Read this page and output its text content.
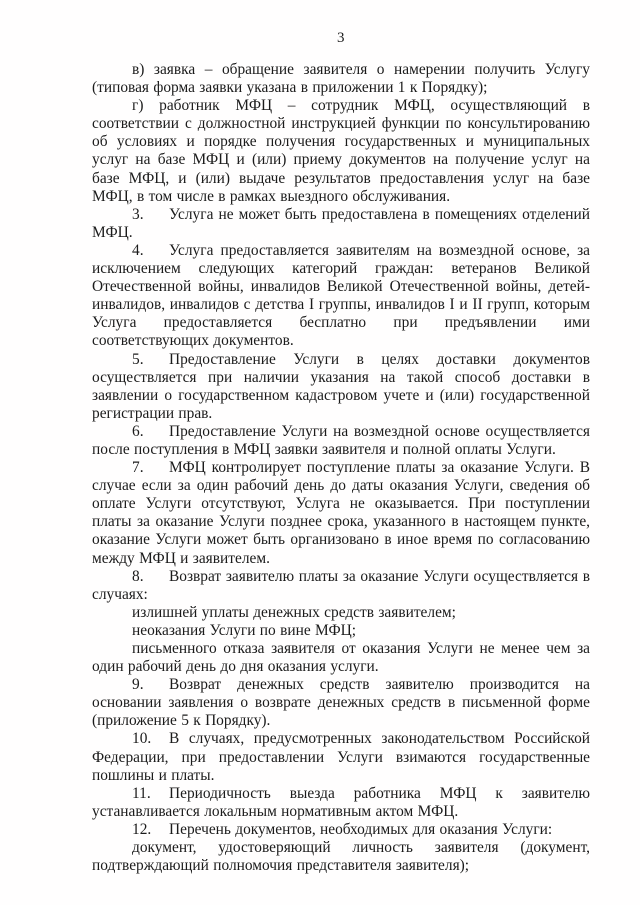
3

в) заявка – обращение заявителя о намерении получить Услугу (типовая форма заявки указана в приложении 1 к Порядку);

г) работник МФЦ – сотрудник МФЦ, осуществляющий в соответствии с должностной инструкцией функции по консультированию об условиях и порядке получения государственных и муниципальных услуг на базе МФЦ и (или) приему документов на получение услуг на базе МФЦ, и (или) выдаче результатов предоставления услуг на базе МФЦ, в том числе в рамках выездного обслуживания.

3. Услуга не может быть предоставлена в помещениях отделений МФЦ.

4. Услуга предоставляется заявителям на возмездной основе, за исключением следующих категорий граждан: ветеранов Великой Отечественной войны, инвалидов Великой Отечественной войны, детей-инвалидов, инвалидов с детства I группы, инвалидов I и II групп, которым Услуга предоставляется бесплатно при предъявлении ими соответствующих документов.

5. Предоставление Услуги в целях доставки документов осуществляется при наличии указания на такой способ доставки в заявлении о государственном кадастровом учете и (или) государственной регистрации прав.

6. Предоставление Услуги на возмездной основе осуществляется после поступления в МФЦ заявки заявителя и полной оплаты Услуги.

7. МФЦ контролирует поступление платы за оказание Услуги. В случае если за один рабочий день до даты оказания Услуги, сведения об оплате Услуги отсутствуют, Услуга не оказывается. При поступлении платы за оказание Услуги позднее срока, указанного в настоящем пункте, оказание Услуги может быть организовано в иное время по согласованию между МФЦ и заявителем.

8. Возврат заявителю платы за оказание Услуги осуществляется в случаях:

излишней уплаты денежных средств заявителем;

неоказания Услуги по вине МФЦ;

письменного отказа заявителя от оказания Услуги не менее чем за один рабочий день до дня оказания услуги.

9. Возврат денежных средств заявителю производится на основании заявления о возврате денежных средств в письменной форме (приложение 5 к Порядку).

10. В случаях, предусмотренных законодательством Российской Федерации, при предоставлении Услуги взимаются государственные пошлины и платы.

11. Периодичность выезда работника МФЦ к заявителю устанавливается локальным нормативным актом МФЦ.

12. Перечень документов, необходимых для оказания Услуги:

документ, удостоверяющий личность заявителя (документ, подтверждающий полномочия представителя заявителя);
